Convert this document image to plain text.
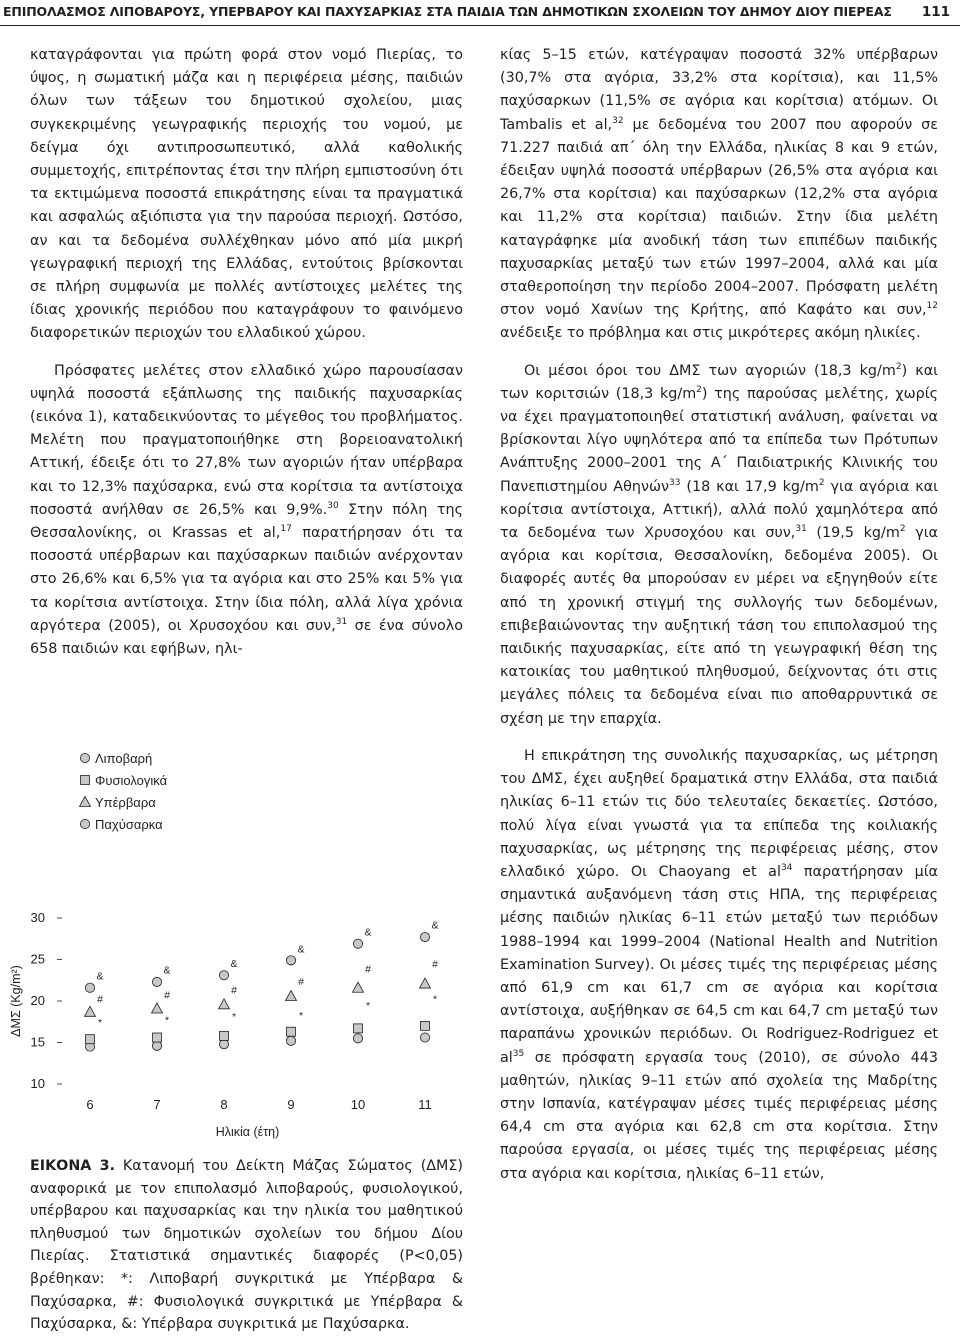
ΕΠΙΠΟΛΑΣΜΟΣ ΛΙΠΟΒΑΡΟΥΣ, ΥΠΕΡΒΑΡΟΥ ΚΑΙ ΠΑΧΥΣΑΡΚΙΑΣ ΣΤΑ ΠΑΙΔΙΑ ΤΩΝ ΔΗΜΟΤΙΚΩΝ ΣΧΟΛΕΙΩΝ ΤΟΥ ΔΗΜΟΥ ΔΙΟΥ ΠΙΕΡΕΑΣ 111

καταγράφονται για πρώτη φορά στον νομό Πιερίας, το ύψος, η σωματική μάζα και η περιφέρεια μέσης, παιδιών όλων των τάξεων του δημοτικού σχολείου, μιας συγκεκριμένης γεωγραφικής περιοχής του νομού, με δείγμα όχι αντιπροσωπευτικό, αλλά καθολικής συμμετοχής, επιτρέποντας έτσι την πλήρη εμπιστοσύνη ότι τα εκτιμώμενα ποσοστά επικράτησης είναι τα πραγματικά και ασφαλώς αξιόπιστα για την παρούσα περιοχή. Ωστόσο, αν και τα δεδομένα συλλέχθηκαν μόνο από μία μικρή γεωγραφική περιοχή της Ελλάδας, εντούτοις βρίσκονται σε πλήρη συμφωνία με πολλές αντίστοιχες μελέτες της ίδιας χρονικής περιόδου που καταγράφουν το φαινόμενο διαφορετικών περιοχών του ελλαδικού χώρου.

Πρόσφατες μελέτες στον ελλαδικό χώρο παρουσίασαν υψηλά ποσοστά εξάπλωσης της παιδικής παχυσαρκίας (εικόνα 1), καταδεικνύοντας το μέγεθος του προβλήματος. Μελέτη που πραγματοποιήθηκε στη βορειοανατολική Αττική, έδειξε ότι το 27,8% των αγοριών ήταν υπέρβαρα και το 12,3% παχύσαρκα, ενώ στα κορίτσια τα αντίστοιχα ποσοστά ανήλθαν σε 26,5% και 9,9%.$^{30}$ Στην πόλη της Θεσσαλονίκης, οι Krassas et al,$^{17}$ παρατήρησαν ότι τα ποσοστά υπέρβαρων και παχύσαρκων παιδιών ανέρχονταν στο 26,6% και 6,5% για τα αγόρια και στο 25% και 5% για τα κορίτσια αντίστοιχα. Στην ίδια πόλη, αλλά λίγα χρόνια αργότερα (2005), οι Χρυσοχόου και συν,$^{31}$ σε ένα σύνολο 658 παιδιών και εφήβων, ηλι-

κίας 5–15 ετών, κατέγραψαν ποσοστά 32% υπέρβαρων (30,7% στα αγόρια, 33,2% στα κορίτσια), και 11,5% παχύσαρκων (11,5% σε αγόρια και κορίτσια) ατόμων. Οι Tambalis et al,$^{32}$ με δεδομένα του 2007 που αφορούν σε 71.227 παιδιά απ΄ όλη την Ελλάδα, ηλικίας 8 και 9 ετών, έδειξαν υψηλά ποσοστά υπέρβαρων (26,5% στα αγόρια και 26,7% στα κορίτσια) και παχύσαρκων (12,2% στα αγόρια και 11,2% στα κορίτσια) παιδιών. Στην ίδια μελέτη καταγράφηκε μία ανοδική τάση των επιπέδων παιδικής παχυσαρκίας μεταξύ των ετών 1997–2004, αλλά και μία σταθεροποίηση την περίοδο 2004–2007. Πρόσφατη μελέτη στον νομό Χανίων της Κρήτης, από Καφάτο και συν,$^{12}$ ανέδειξε το πρόβλημα και στις μικρότερες ακόμη ηλικίες.

Οι μέσοι όροι του ΔΜΣ των αγοριών (18,3 $kg/m^2$) και των κοριτσιών (18,3 $kg/m^2$) της παρούσας μελέτης, χωρίς να έχει πραγματοποιηθεί στατιστική ανάλυση, φαίνεται να βρίσκονται λίγο υψηλότερα από τα επίπεδα των Πρότυπων Ανάπτυξης 2000–2001 της Α΄ Παιδιατρικής Κλινικής του Πανεπιστημίου Αθηνών$^{33}$ (18 και 17,9 $kg/m^2$ για αγόρια και κορίτσια αντίστοιχα, Αττική), αλλά πολύ χαμηλότερα από τα δεδομένα των Χρυσοχόου και συν,$^{31}$ (19,5 $kg/m^2$ για αγόρια και κορίτσια, Θεσσαλονίκη, δεδομένα 2005). Οι διαφορές αυτές θα μπορούσαν εν μέρει να εξηγηθούν είτε από τη χρονική στιγμή της συλλογής των δεδομένων, επιβεβαιώνοντας την αυξητική τάση του επιπολασμού της παιδικής παχυσαρκίας, είτε από τη γεωγραφική θέση της κατοικίας του μαθητικού πληθυσμού, δείχνοντας ότι στις μεγάλες πόλεις τα δεδομένα είναι πιο αποθαρρυντικά σε σχέση με την επαρχία.

Η επικράτηση της συνολικής παχυσαρκίας, ως μέτρηση του ΔΜΣ, έχει αυξηθεί δραματικά στην Ελλάδα, στα παιδιά ηλικίας 6–11 ετών τις δύο τελευταίες δεκαετίες. Ωστόσο, πολύ λίγα είναι γνωστά για τα επίπεδα της κοιλιακής παχυσαρκίας, ως μέτρησης της περιφέρειας μέσης, στον ελλαδικό χώρο. Οι Chaoyang et $al^{34}$ παρατήρησαν μία σημαντικά αυξανόμενη τάση στις ΗΠΑ, της περιφέρειας μέσης παιδιών ηλικίας 6–11 ετών μεταξύ των περιόδων 1988–1994 και 1999–2004 (National Health and Nutrition Examination Survey). Οι μέσες τιμές της περιφέρειας μέσης από 61,9 cm και 61,7 cm σε αγόρια και κορίτσια αντίστοιχα, αυξήθηκαν σε 64,5 cm και 64,7 cm μεταξύ των παραπάνω χρονικών περιόδων. Οι Rodriguez-Rodriguez et $al^{35}$ σε πρόσφατη εργασία τους (2010), σε σύνολο 443 μαθητών, ηλικίας 9–11 ετών από σχολεία της Μαδρίτης στην Ισπανία, κατέγραψαν μέσες τιμές περιφέρειας μέσης 64,4 cm στα αγόρια και 62,8 cm στα κορίτσια. Στην παρούσα εργασία, οι μέσες τιμές της περιφέρειας μέσης στα αγόρια και κορίτσια, ηλικίας 6–11 ετών,

10
15
20
25
30
6	7	8	9	10	11
ΔΜΣ (Kg/m²)
Ηλικία (έτη)
Λιποβαρή
Φυσιολογικά
Υπέρβαρα
Παχύσαρκα
&	&
&
&
&
&
#	#	#
#
#	#
*	*	*	*
*
*
ΕΙΚΟΝΑ 3. Κατανομή του Δείκτη Μάζας Σώματος (ΔΜΣ) αναφορικά με τον επιπολασμό λιποβαρούς, φυσιολογικού, υπέρβαρου και παχυσαρκίας και την ηλικία του μαθητικού πληθυσμού των δημοτικών σχολείων του δήμου Δίου Πιερίας. Στατιστικά σημαντικές διαφορές (P<0,05) βρέθηκαν: *: Λιποβαρή συγκριτικά με Υπέρβαρα & Παχύσαρκα, #: Φυσιολογικά συγκριτικά με Υπέρβαρα & Παχύσαρκα, &: Υπέρβαρα συγκριτικά με Παχύσαρκα.
